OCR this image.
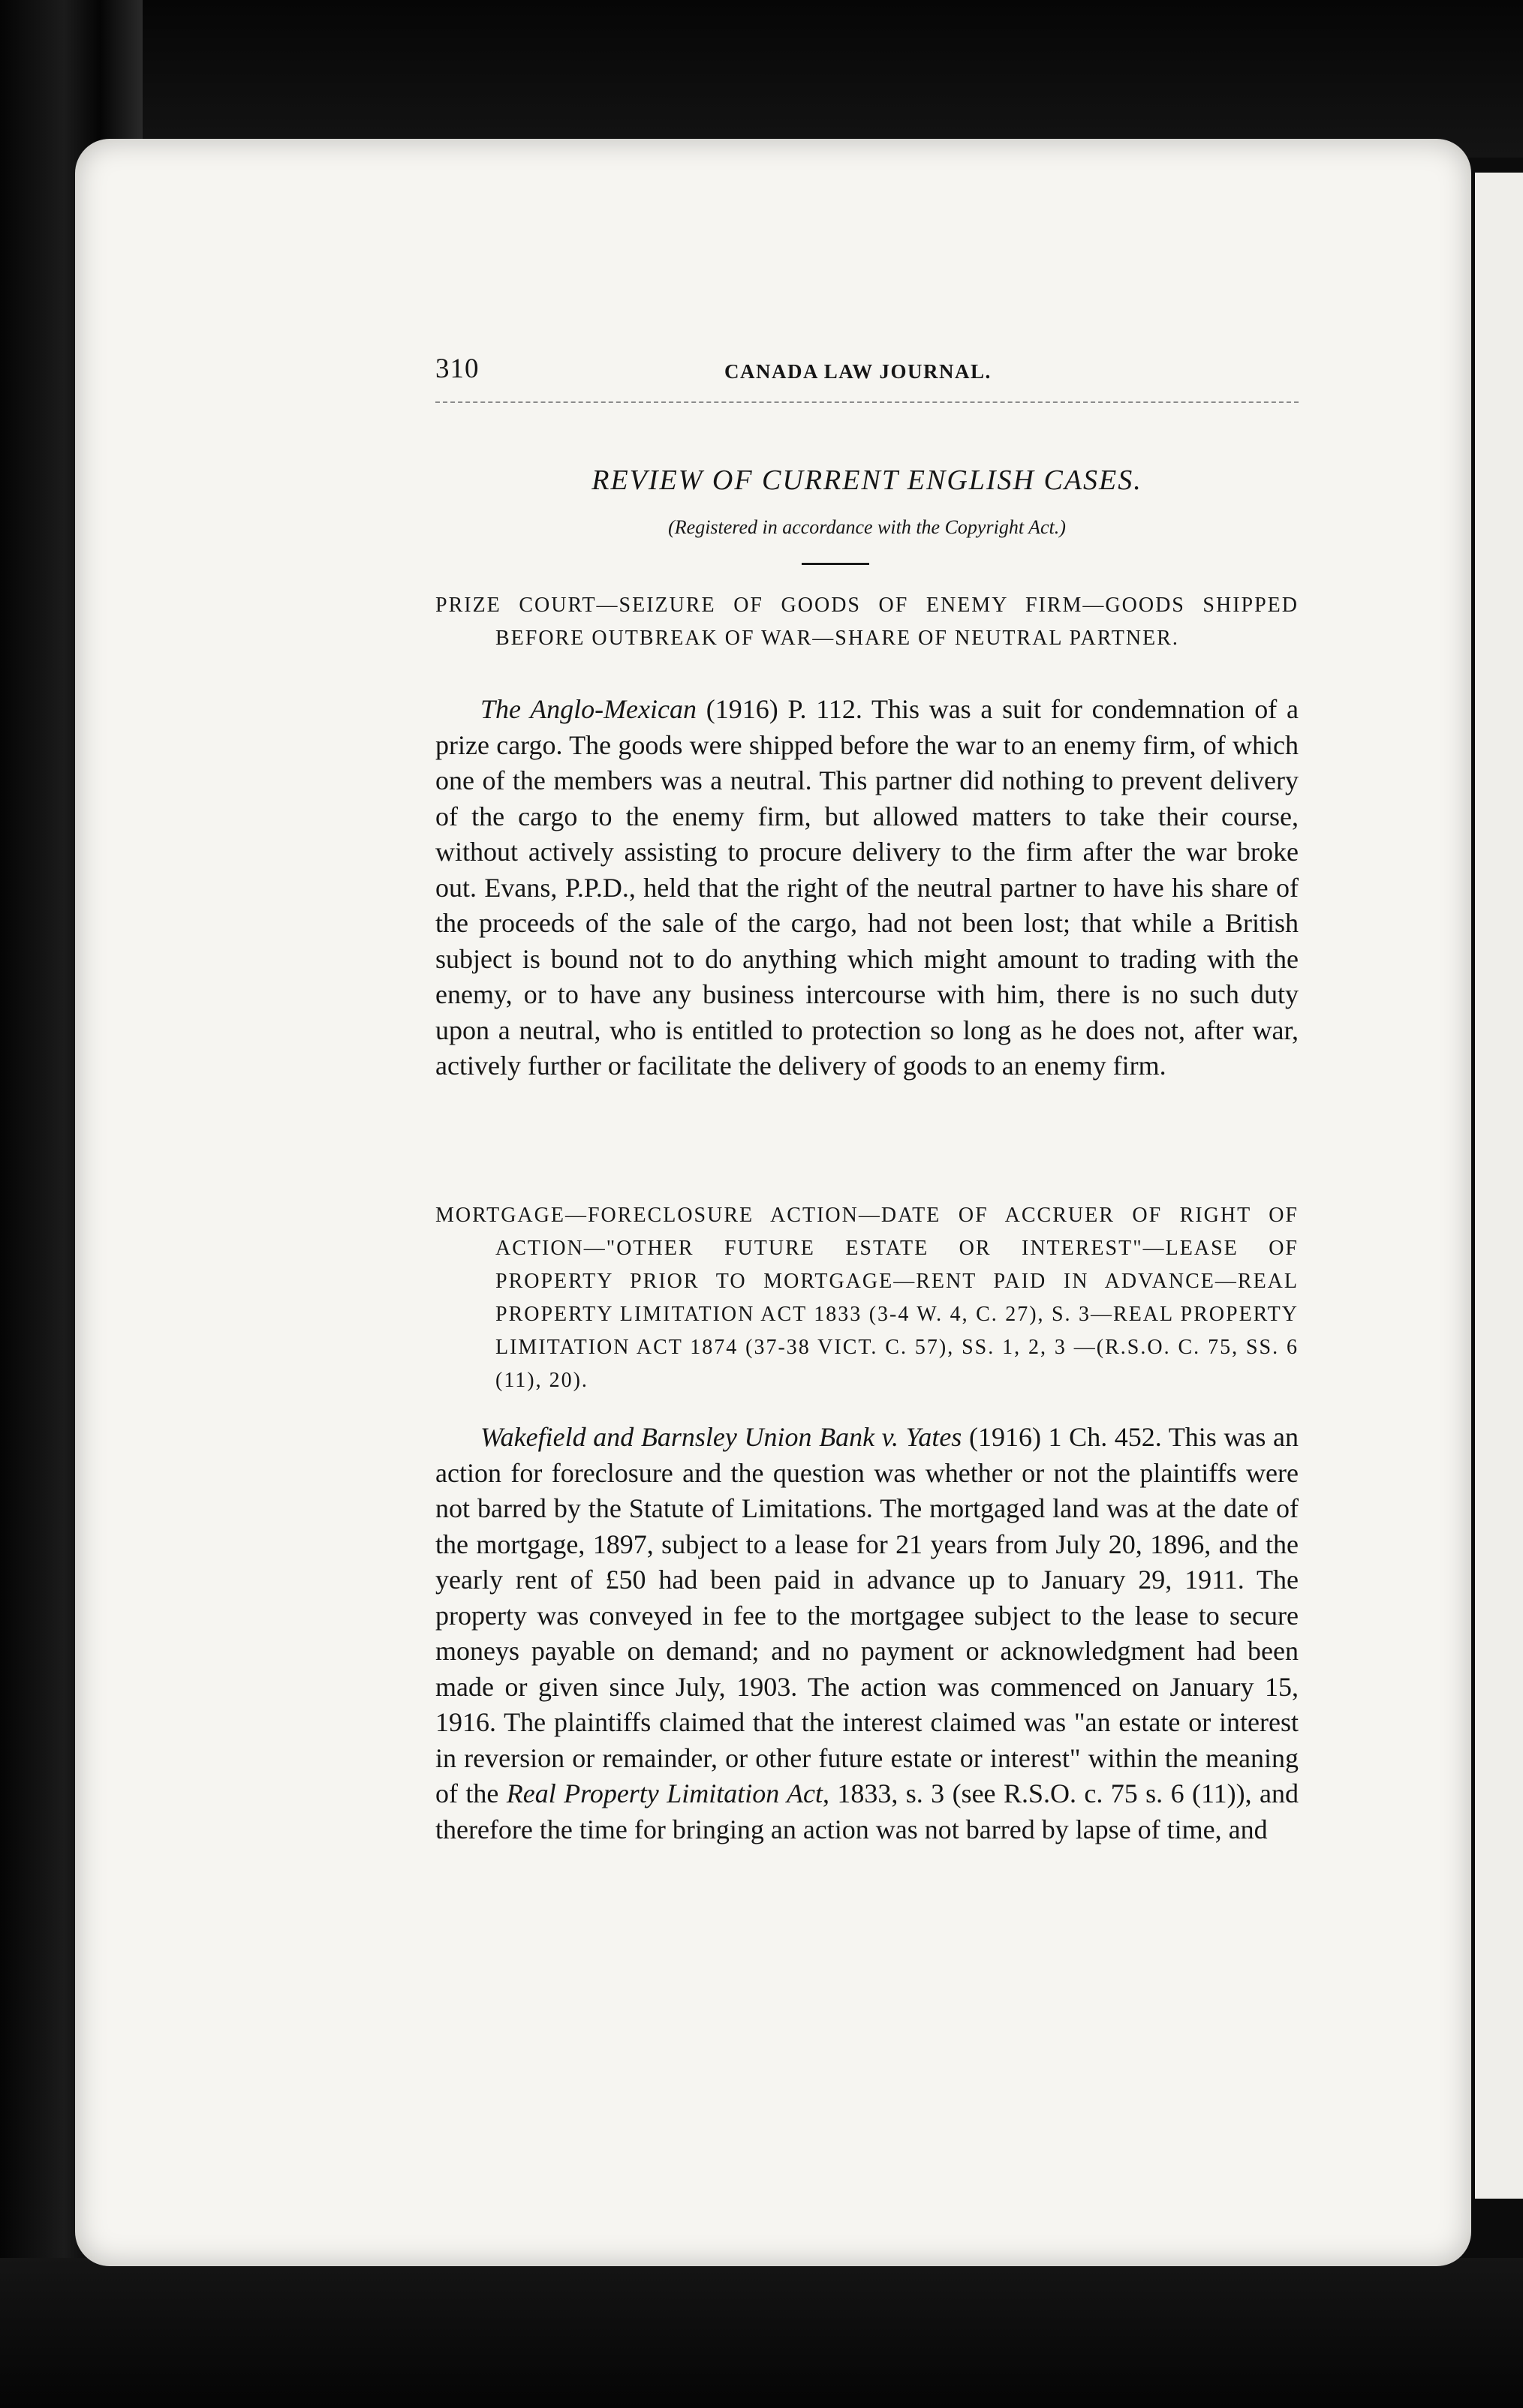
310	CANADA LAW JOURNAL.
REVIEW OF CURRENT ENGLISH CASES.
(Registered in accordance with the Copyright Act.)
PRIZE COURT—SEIZURE OF GOODS OF ENEMY FIRM—GOODS SHIPPED BEFORE OUTBREAK OF WAR—SHARE OF NEUTRAL PARTNER.

The Anglo-Mexican (1916) P. 112. This was a suit for condemnation of a prize cargo. The goods were shipped before the war to an enemy firm, of which one of the members was a neutral. This partner did nothing to prevent delivery of the cargo to the enemy firm, but allowed matters to take their course, without actively assisting to procure delivery to the firm after the war broke out. Evans, P.P.D., held that the right of the neutral partner to have his share of the proceeds of the sale of the cargo, had not been lost; that while a British subject is bound not to do anything which might amount to trading with the enemy, or to have any business intercourse with him, there is no such duty upon a neutral, who is entitled to protection so long as he does not, after war, actively further or facilitate the delivery of goods to an enemy firm.

MORTGAGE—FORECLOSURE ACTION—DATE OF ACCRUER OF RIGHT OF ACTION—"OTHER FUTURE ESTATE OR INTEREST"—LEASE OF PROPERTY PRIOR TO MORTGAGE—RENT PAID IN ADVANCE—REAL PROPERTY LIMITATION ACT 1833 (3-4 W. 4, C. 27), S. 3—REAL PROPERTY LIMITATION ACT 1874 (37-38 VICT. C. 57), SS. 1, 2, 3 —(R.S.O. C. 75, SS. 6 (11), 20).

Wakefield and Barnsley Union Bank v. Yates (1916) 1 Ch. 452. This was an action for foreclosure and the question was whether or not the plaintiffs were not barred by the Statute of Limitations. The mortgaged land was at the date of the mortgage, 1897, subject to a lease for 21 years from July 20, 1896, and the yearly rent of £50 had been paid in advance up to January 29, 1911. The property was conveyed in fee to the mortgagee subject to the lease to secure moneys payable on demand; and no payment or acknowledgment had been made or given since July, 1903. The action was commenced on January 15, 1916. The plaintiffs claimed that the interest claimed was "an estate or interest in reversion or remainder, or other future estate or interest" within the meaning of the Real Property Limitation Act, 1833, s. 3 (see R.S.O. c. 75 s. 6 (11)), and therefore the time for bringing an action was not barred by lapse of time, and
